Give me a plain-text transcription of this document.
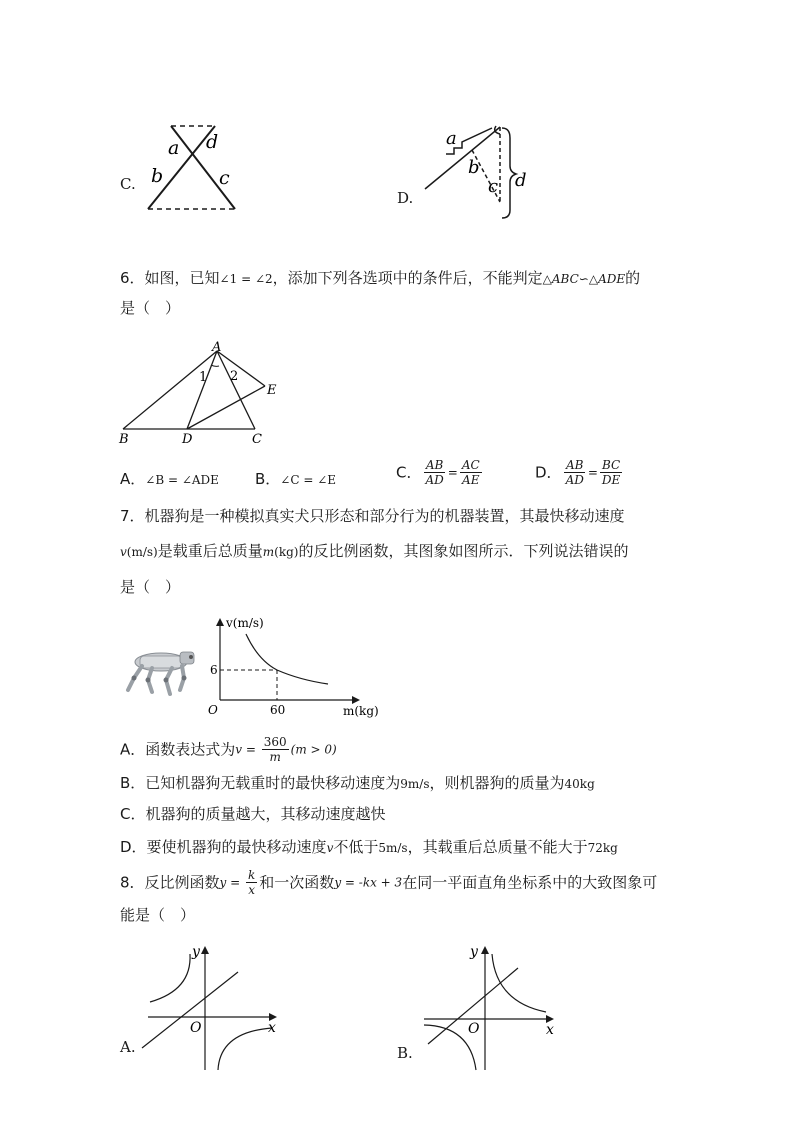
C.
a d
b	c
D.
a
b
c d
6．如图，已知∠1 = ∠2，添加下列各选项中的条件后，不能判定△ABC∽△ADE的
是（　）
A
B	D	C
E
1 2
A．∠B = ∠ADE B．∠C = ∠E	C． $\frac{AB}{AD} = \frac{AC}{AE}$	D． $\frac{AB}{AD} = \frac{BC}{DE}$
7．机器狗是一种模拟真实犬只形态和部分行为的机器装置，其最快移动速度
v(m/s)是载重后总质量m(kg)的反比例函数，其图象如图所示．下列说法错误的
是（　）
v(m/s)
m(kg)
6
60
O
A．函数表达式为$v = \frac{360}{m} (m > 0)$
B．已知机器狗无载重时的最快移动速度为9m/s，则机器狗的质量为40kg
C．机器狗的质量越大，其移动速度越快
D．要使机器狗的最快移动速度v不低于5m/s，其载重后总质量不能大于72kg
8．反比例函数$y = \frac{k}{x}$ 和一次函数y = -kx + 3在同一平面直角坐标系中的大致图象可
能是（　）
A.
y
x
O
B.
y
x
O
